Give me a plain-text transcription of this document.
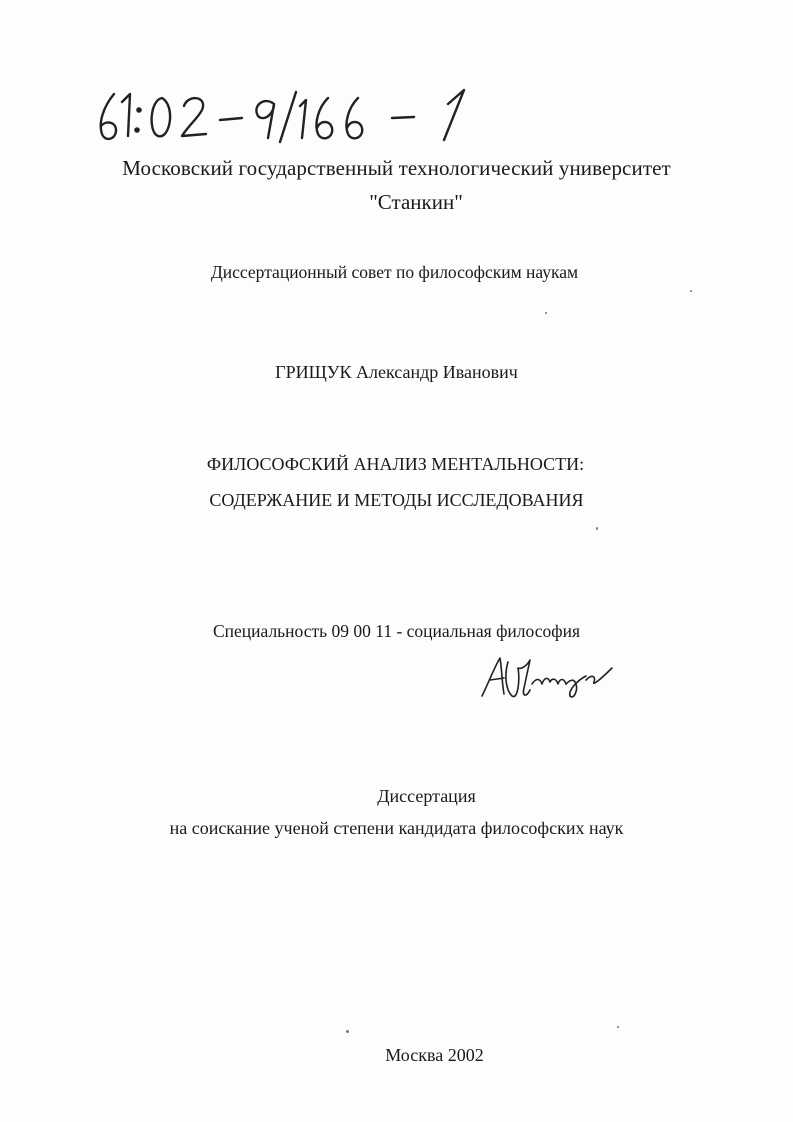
Московский государственный технологический университет
"Станкин"
Диссертационный совет по философским наукам
ГРИЩУК Александр Иванович
ФИЛОСОФСКИЙ АНАЛИЗ МЕНТАЛЬНОСТИ:
СОДЕРЖАНИЕ И МЕТОДЫ ИССЛЕДОВАНИЯ
Специальность 09 00 11 - социальная философия
Диссертация
на соискание ученой степени кандидата философских наук
Москва 2002
